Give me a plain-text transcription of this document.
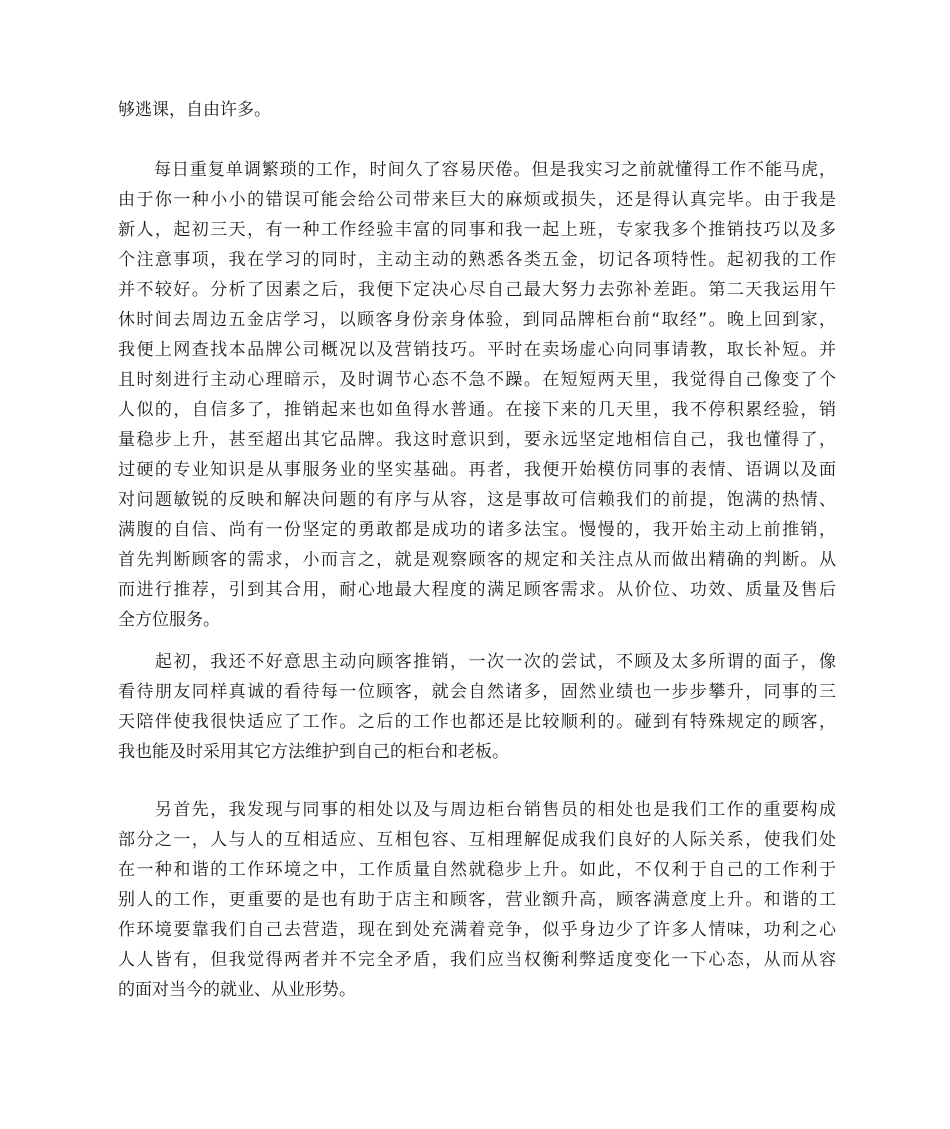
够逃课，自由许多。
　　每日重复单调繁琐的工作，时间久了容易厌倦。但是我实习之前就懂得工作不能马虎，
由于你一种小小的错误可能会给公司带来巨大的麻烦或损失，还是得认真完毕。由于我是
新人，起初三天，有一种工作经验丰富的同事和我一起上班，专家我多个推销技巧以及多
个注意事项，我在学习的同时，主动主动的熟悉各类五金，切记各项特性。起初我的工作
并不较好。分析了因素之后，我便下定决心尽自己最大努力去弥补差距。第二天我运用午
休时间去周边五金店学习，以顾客身份亲身体验，到同品牌柜台前“取经”。晚上回到家，
我便上网查找本品牌公司概况以及营销技巧。平时在卖场虚心向同事请教，取长补短。并
且时刻进行主动心理暗示，及时调节心态不急不躁。在短短两天里，我觉得自己像变了个
人似的，自信多了，推销起来也如鱼得水普通。在接下来的几天里，我不停积累经验，销
量稳步上升，甚至超出其它品牌。我这时意识到，要永远坚定地相信自己，我也懂得了，
过硬的专业知识是从事服务业的坚实基础。再者，我便开始模仿同事的表情、语调以及面
对问题敏锐的反映和解决问题的有序与从容，这是事故可信赖我们的前提，饱满的热情、
满腹的自信、尚有一份坚定的勇敢都是成功的诸多法宝。慢慢的，我开始主动上前推销，
首先判断顾客的需求，小而言之，就是观察顾客的规定和关注点从而做出精确的判断。从
而进行推荐，引到其合用，耐心地最大程度的满足顾客需求。从价位、功效、质量及售后
全方位服务。
　　起初，我还不好意思主动向顾客推销，一次一次的尝试，不顾及太多所谓的面子，像
看待朋友同样真诚的看待每一位顾客，就会自然诸多，固然业绩也一步步攀升，同事的三
天陪伴使我很快适应了工作。之后的工作也都还是比较顺利的。碰到有特殊规定的顾客，
我也能及时采用其它方法维护到自己的柜台和老板。
　　另首先，我发现与同事的相处以及与周边柜台销售员的相处也是我们工作的重要构成
部分之一，人与人的互相适应、互相包容、互相理解促成我们良好的人际关系，使我们处
在一种和谐的工作环境之中，工作质量自然就稳步上升。如此，不仅利于自己的工作利于
别人的工作，更重要的是也有助于店主和顾客，营业额升高，顾客满意度上升。和谐的工
作环境要靠我们自己去营造，现在到处充满着竞争，似乎身边少了许多人情味，功利之心
人人皆有，但我觉得两者并不完全矛盾，我们应当权衡利弊适度变化一下心态，从而从容
的面对当今的就业、从业形势。
